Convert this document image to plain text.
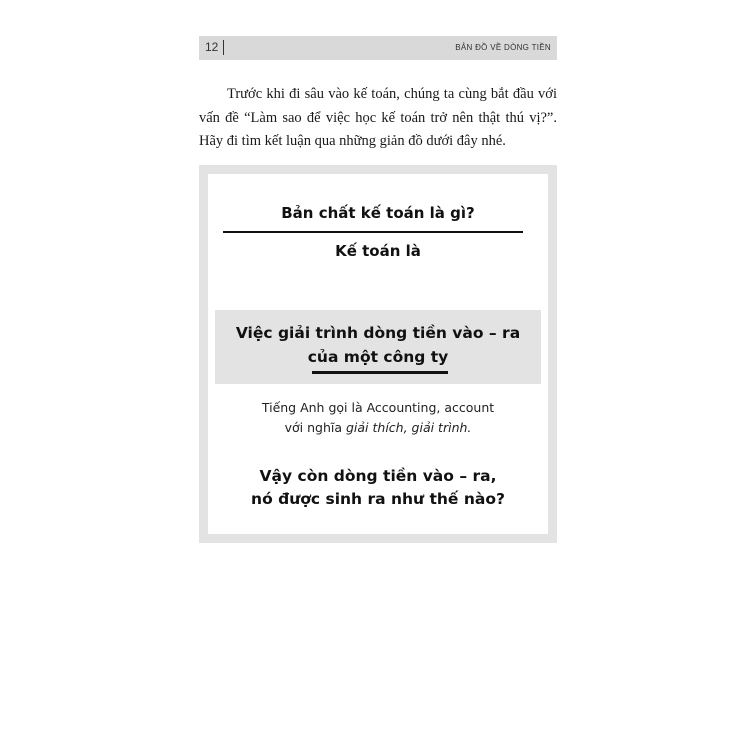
12	BẢN ĐỒ VỀ DÒNG TIỀN

Trước khi đi sâu vào kế toán, chúng ta cùng bắt đầu với vấn đề “Làm sao để việc học kế toán trở nên thật thú vị?”. Hãy đi tìm kết luận qua những giản đồ dưới đây nhé.

Bản chất kế toán là gì?
Kế toán là
Việc giải trình dòng tiền vào – ra
của một công ty
Tiếng Anh gọi là Accounting, account
với nghĩa giải thích, giải trình.
Vậy còn dòng tiền vào – ra,
nó được sinh ra như thế nào?
